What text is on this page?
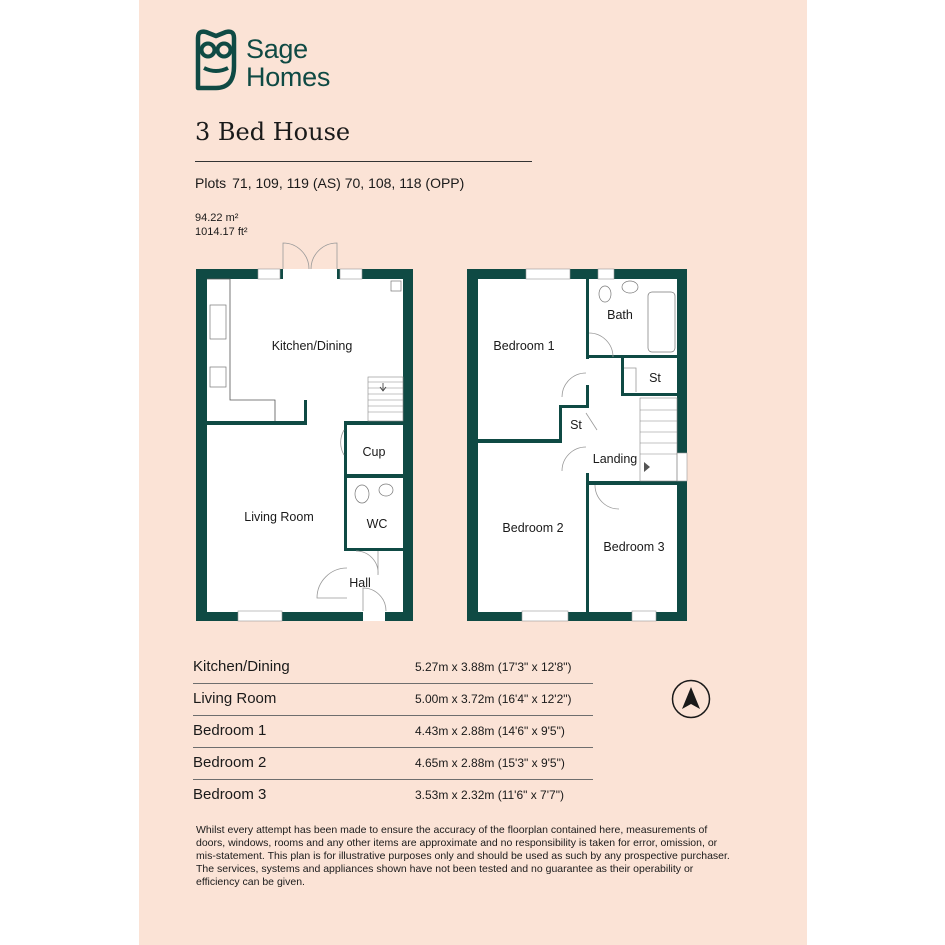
Sage
Homes
3 Bed House
Plots 71, 109, 119 (AS) 70, 108, 118 (OPP)
94.22 m²
1014.17 ft²
Kitchen/Dining
Living Room
Cup
WC
Hall
Bedroom 1
Bath
St
St
Landing
Bedroom 2
Bedroom 3
Kitchen/Dining	5.27m x 3.88m (17'3" x 12'8")
Living Room	5.00m x 3.72m (16'4" x 12'2")
Bedroom 1	4.43m x 2.88m (14'6" x 9'5")
Bedroom 2	4.65m x 2.88m (15'3" x 9'5")
Bedroom 3	3.53m x 2.32m (11'6" x 7'7")
Whilst every attempt has been made to ensure the accuracy of the floorplan contained here, measurements of doors, windows, rooms and any other items are approximate and no responsibility is taken for error, omission, or mis-statement. This plan is for illustrative purposes only and should be used as such by any prospective purchaser. The services, systems and appliances shown have not been tested and no guarantee as their operability or efficiency can be given.
